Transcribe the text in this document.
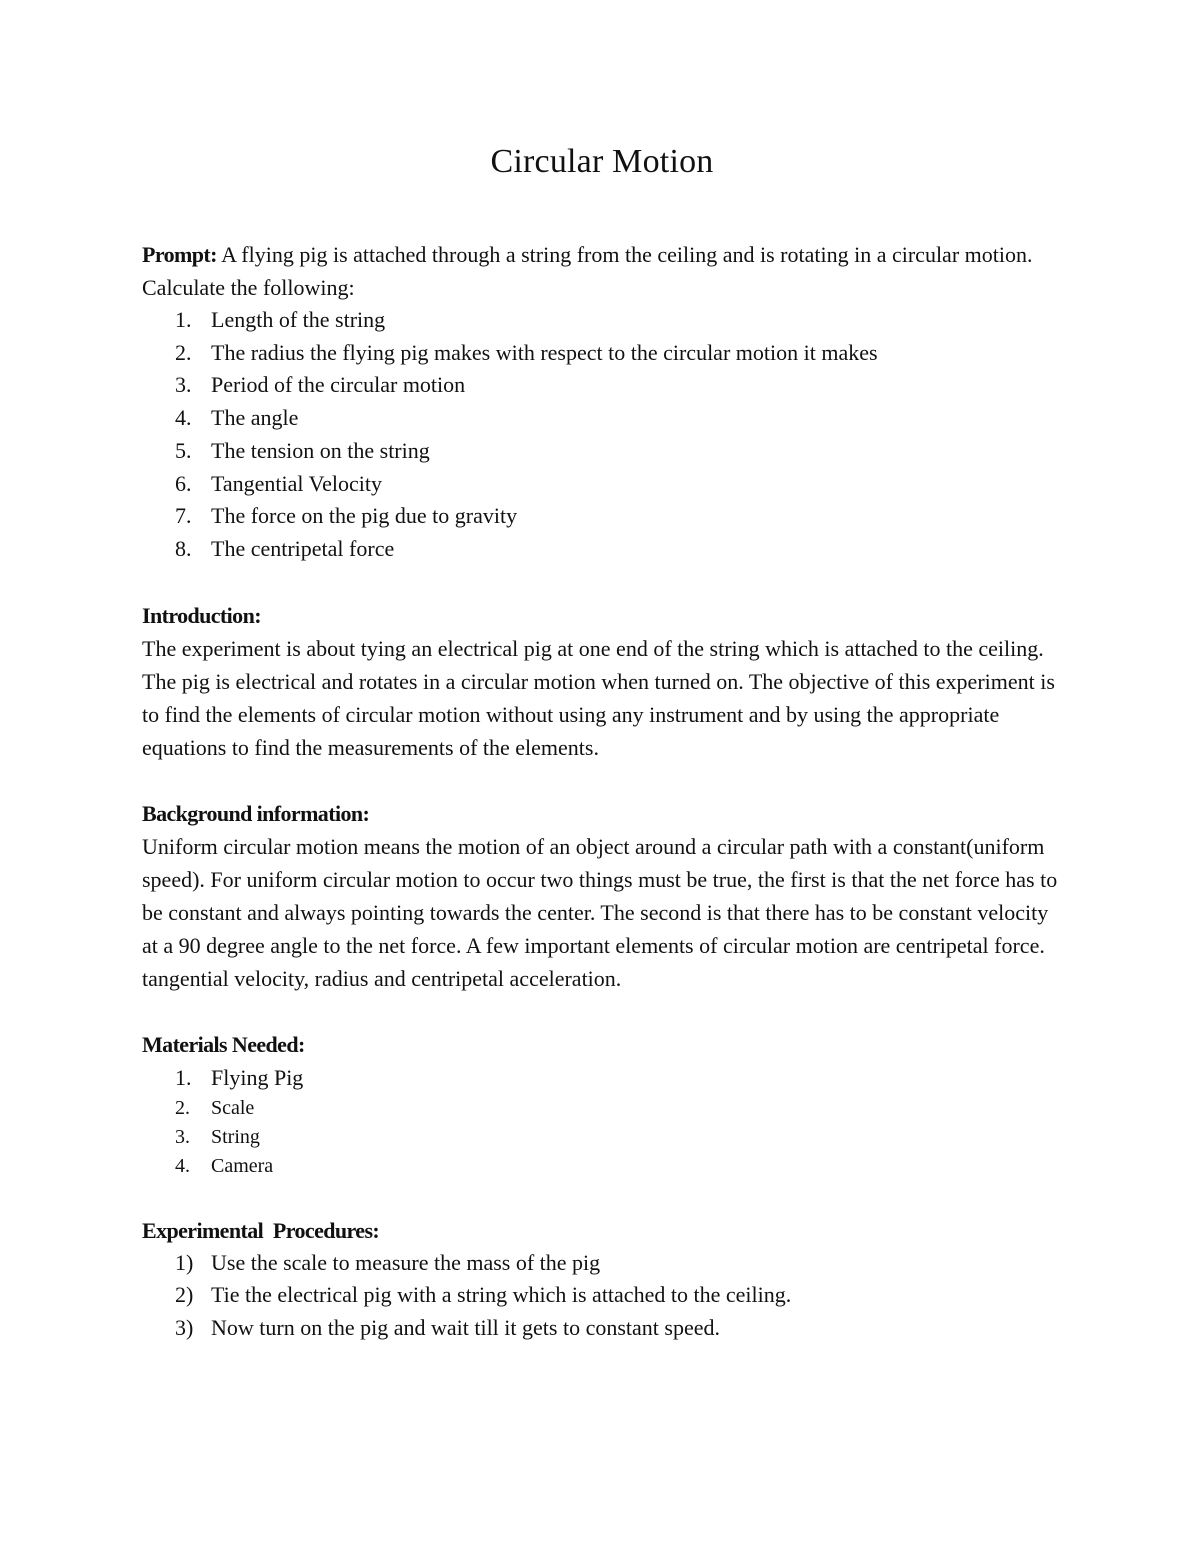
Circular Motion

Prompt: A flying pig is attached through a string from the ceiling and is rotating in a circular motion. Calculate the following:

1. Length of the string
2. The radius the flying pig makes with respect to the circular motion it makes
3. Period of the circular motion
4. The angle
5. The tension on the string
6. Tangential Velocity
7. The force on the pig due to gravity
8. The centripetal force
Introduction:

The experiment is about tying an electrical pig at one end of the string which is attached to the ceiling. The pig is electrical and rotates in a circular motion when turned on. The objective of this experiment is to find the elements of circular motion without using any instrument and by using the appropriate equations to find the measurements of the elements.

Background information:

Uniform circular motion means the motion of an object around a circular path with a constant(uniform speed). For uniform circular motion to occur two things must be true, the first is that the net force has to be constant and always pointing towards the center. The second is that there has to be constant velocity at a 90 degree angle to the net force. A few important elements of circular motion are centripetal force. tangential velocity, radius and centripetal acceleration.

Materials Needed:
1. Flying Pig
2. Scale
3. String
4. Camera
Experimental  Procedures:
1) Use the scale to measure the mass of the pig
2) Tie the electrical pig with a string which is attached to the ceiling.
3) Now turn on the pig and wait till it gets to constant speed.
